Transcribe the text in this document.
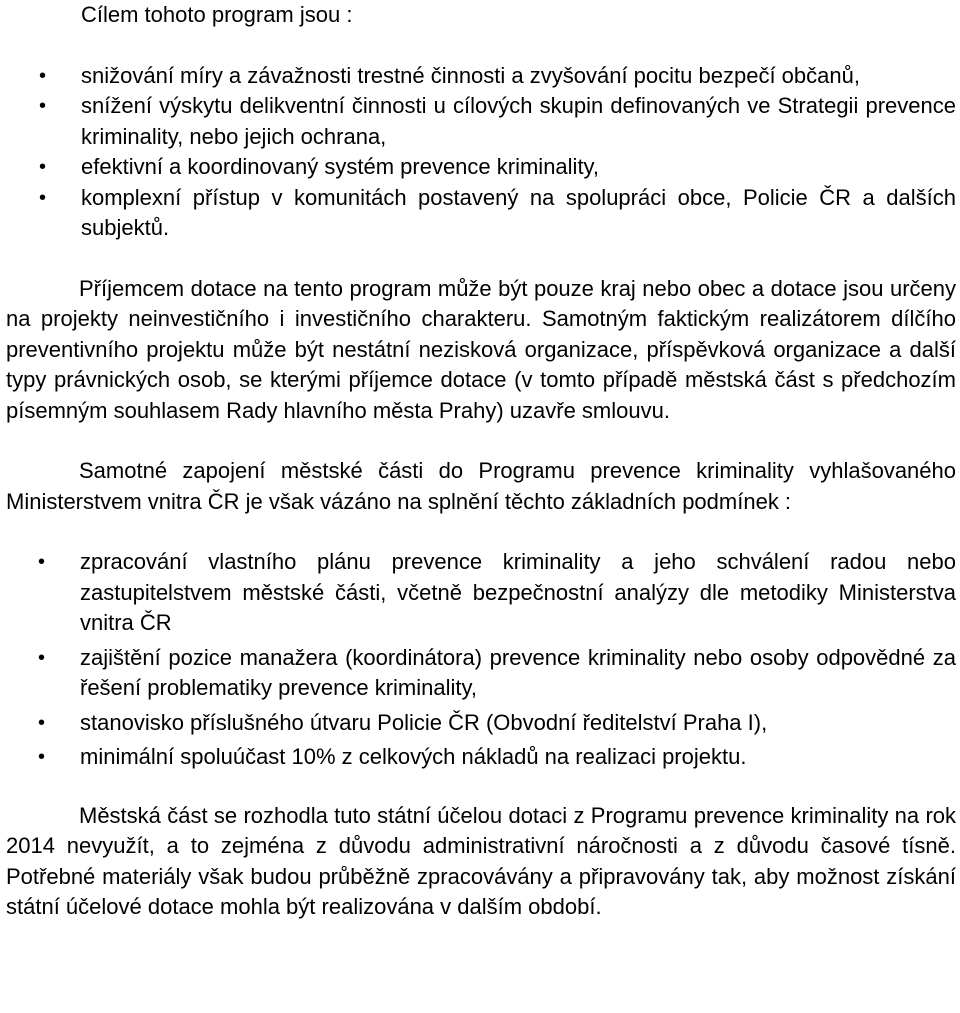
Cílem tohoto program jsou :

• snižování míry a závažnosti trestné činnosti a zvyšování pocitu bezpečí občanů,
• snížení výskytu delikventní činnosti u cílových skupin definovaných ve Strategii prevence kriminality, nebo jejich ochrana,
• efektivní a koordinovaný systém prevence kriminality,
• komplexní přístup v komunitách postavený na spolupráci obce, Policie ČR a dalších subjektů.

Příjemcem dotace na tento program může být pouze kraj nebo obec a dotace jsou určeny na projekty neinvestičního i investičního charakteru. Samotným faktickým realizátorem dílčího preventivního projektu může být nestátní nezisková organizace, příspěvková organizace a další typy právnických osob, se kterými příjemce dotace (v tomto případě městská část s předchozím písemným souhlasem Rady hlavního města Prahy) uzavře smlouvu.

Samotné zapojení městské části do Programu prevence kriminality vyhlašovaného Ministerstvem vnitra ČR je však vázáno na splnění těchto základních podmínek :

• zpracování vlastního plánu prevence kriminality a jeho schválení radou nebo zastupitelstvem městské části, včetně bezpečnostní analýzy dle metodiky Ministerstva vnitra ČR
• zajištění pozice manažera (koordinátora) prevence kriminality nebo osoby odpovědné za řešení problematiky prevence kriminality,
• stanovisko příslušného útvaru Policie ČR (Obvodní ředitelství Praha I),
• minimální spoluúčast 10% z celkových nákladů na realizaci projektu.

Městská část se rozhodla tuto státní účelou dotaci z Programu prevence kriminality na rok 2014 nevyužít, a to zejména z důvodu administrativní náročnosti a z důvodu časové tísně. Potřebné materiály však budou průběžně zpracovávány a připravovány tak, aby možnost získání státní účelové dotace mohla být realizována v dalším období.
